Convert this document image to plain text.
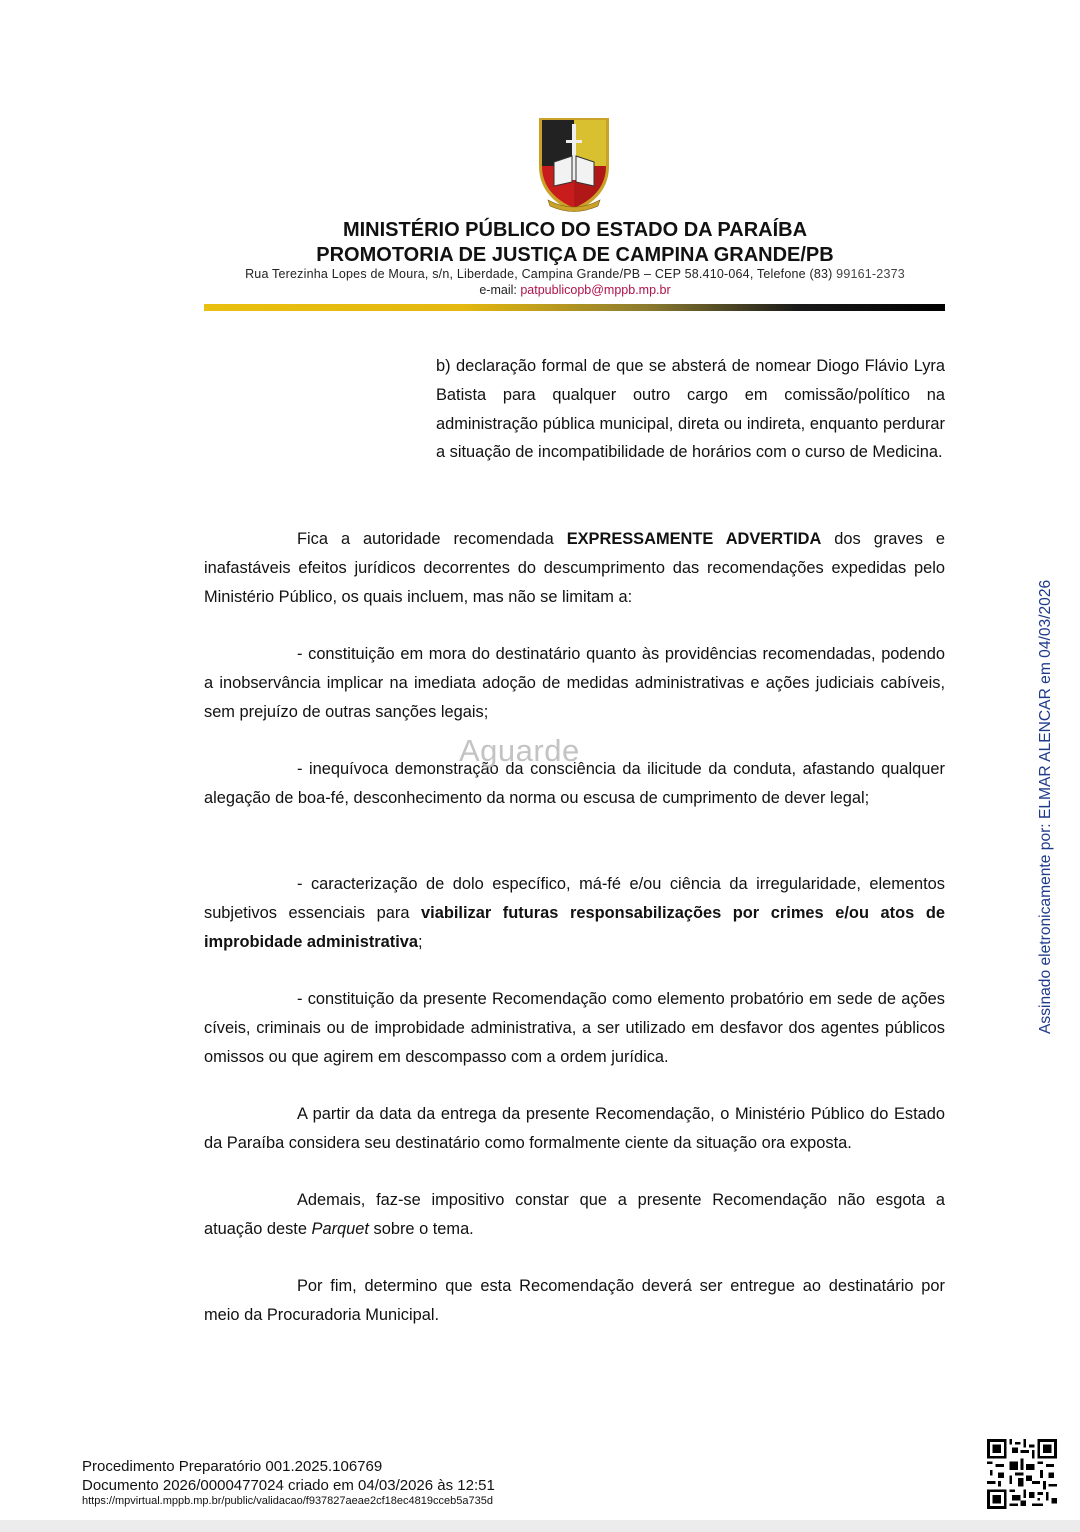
MINISTÉRIO PÚBLICO DO ESTADO DA PARAÍBA
PROMOTORIA DE JUSTIÇA DE CAMPINA GRANDE/PB
Rua Terezinha Lopes de Moura, s/n, Liberdade, Campina Grande/PB – CEP 58.410-064, Telefone (83) 99161-2373
e-mail: patpublicopb@mppb.mp.br
b) declaração formal de que se absterá de nomear Diogo Flávio Lyra Batista para qualquer outro cargo em comissão/político na administração pública municipal, direta ou indireta, enquanto perdurar a situação de incompatibilidade de horários com o curso de Medicina.
Fica a autoridade recomendada EXPRESSAMENTE ADVERTIDA dos graves e inafastáveis efeitos jurídicos decorrentes do descumprimento das recomendações expedidas pelo Ministério Público, os quais incluem, mas não se limitam a:
- constituição em mora do destinatário quanto às providências recomendadas, podendo a inobservância implicar na imediata adoção de medidas administrativas e ações judiciais cabíveis, sem prejuízo de outras sanções legais;
- inequívoca demonstração da consciência da ilicitude da conduta, afastando qualquer alegação de boa-fé, desconhecimento da norma ou escusa de cumprimento de dever legal;
- caracterização de dolo específico, má-fé e/ou ciência da irregularidade, elementos subjetivos essenciais para viabilizar futuras responsabilizações por crimes e/ou atos de improbidade administrativa;
- constituição da presente Recomendação como elemento probatório em sede de ações cíveis, criminais ou de improbidade administrativa, a ser utilizado em desfavor dos agentes públicos omissos ou que agirem em descompasso com a ordem jurídica.
A partir da data da entrega da presente Recomendação, o Ministério Público do Estado da Paraíba considera seu destinatário como formalmente ciente da situação ora exposta.
Ademais, faz-se impositivo constar que a presente Recomendação não esgota a atuação deste Parquet sobre o tema.
Por fim, determino que esta Recomendação deverá ser entregue ao destinatário por meio da Procuradoria Municipal.
Aguarde	Assinado eletronicamente por: ELMAR ALENCAR em 04/03/2026
Procedimento Preparatório 001.2025.106769
Documento 2026/0000477024 criado em 04/03/2026 às 12:51
https://mpvirtual.mppb.mp.br/public/validacao/f937827aeae2cf18ec4819cceb5a735d
